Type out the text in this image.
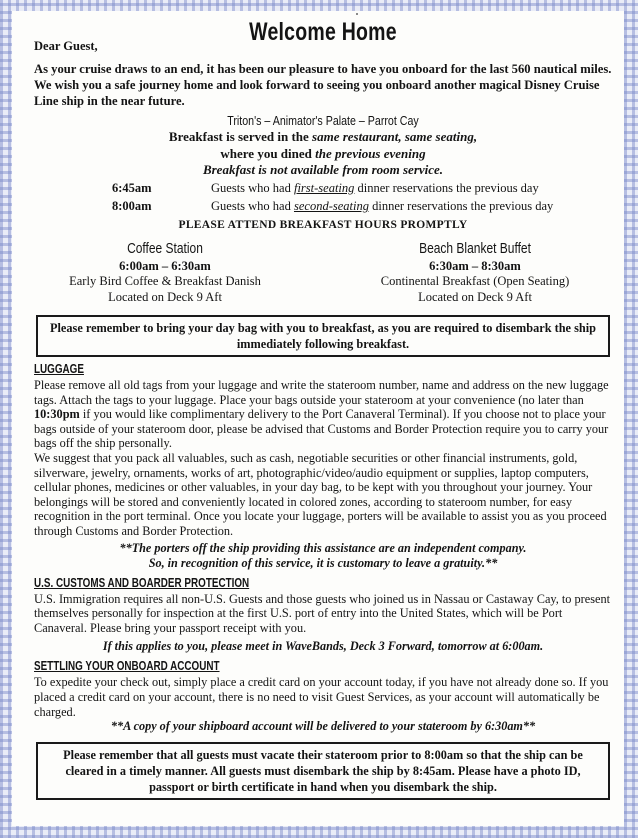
Welcome Home
Dear Guest,
As your cruise draws to an end, it has been our pleasure to have you onboard for the last 560 nautical miles. We wish you a safe journey home and look forward to seeing you onboard another magical Disney Cruise Line ship in the near future.
Triton's – Animator's Palate – Parrot Cay
Breakfast is served in the same restaurant, same seating,
where you dined the previous evening
Breakfast is not available from room service.
6:45am	Guests who had first-seating dinner reservations the previous day
8:00am	Guests who had second-seating dinner reservations the previous day
PLEASE ATTEND BREAKFAST HOURS PROMPTLY
Coffee Station
6:00am – 6:30am
Early Bird Coffee & Breakfast Danish
Located on Deck 9 Aft
Beach Blanket Buffet
6:30am – 8:30am
Continental Breakfast (Open Seating)
Located on Deck 9 Aft
Please remember to bring your day bag with you to breakfast, as you are required to disembark the ship immediately following breakfast.
LUGGAGE
Please remove all old tags from your luggage and write the stateroom number, name and address on the new luggage tags. Attach the tags to your luggage. Place your bags outside your stateroom at your convenience (no later than 10:30pm if you would like complimentary delivery to the Port Canaveral Terminal). If you choose not to place your bags outside of your stateroom door, please be advised that Customs and Border Protection require you to carry your bags off the ship personally.
We suggest that you pack all valuables, such as cash, negotiable securities or other financial instruments, gold, silverware, jewelry, ornaments, works of art, photographic/video/audio equipment or supplies, laptop computers, cellular phones, medicines or other valuables, in your day bag, to be kept with you throughout your journey. Your belongings will be stored and conveniently located in colored zones, according to stateroom number, for easy recognition in the port terminal. Once you locate your luggage, porters will be available to assist you as you proceed through Customs and Border Protection.
**The porters off the ship providing this assistance are an independent company.
So, in recognition of this service, it is customary to leave a gratuity.**
U.S. CUSTOMS AND BOARDER PROTECTION
U.S. Immigration requires all non-U.S. Guests and those guests who joined us in Nassau or Castaway Cay, to present themselves personally for inspection at the first U.S. port of entry into the United States, which will be Port Canaveral. Please bring your passport receipt with you.
If this applies to you, please meet in WaveBands, Deck 3 Forward, tomorrow at 6:00am.
SETTLING YOUR ONBOARD ACCOUNT
To expedite your check out, simply place a credit card on your account today, if you have not already done so. If you placed a credit card on your account, there is no need to visit Guest Services, as your account will automatically be charged.
**A copy of your shipboard account will be delivered to your stateroom by 6:30am**
Please remember that all guests must vacate their stateroom prior to 8:00am so that the ship can be cleared in a timely manner. All guests must disembark the ship by 8:45am. Please have a photo ID, passport or birth certificate in hand when you disembark the ship.
